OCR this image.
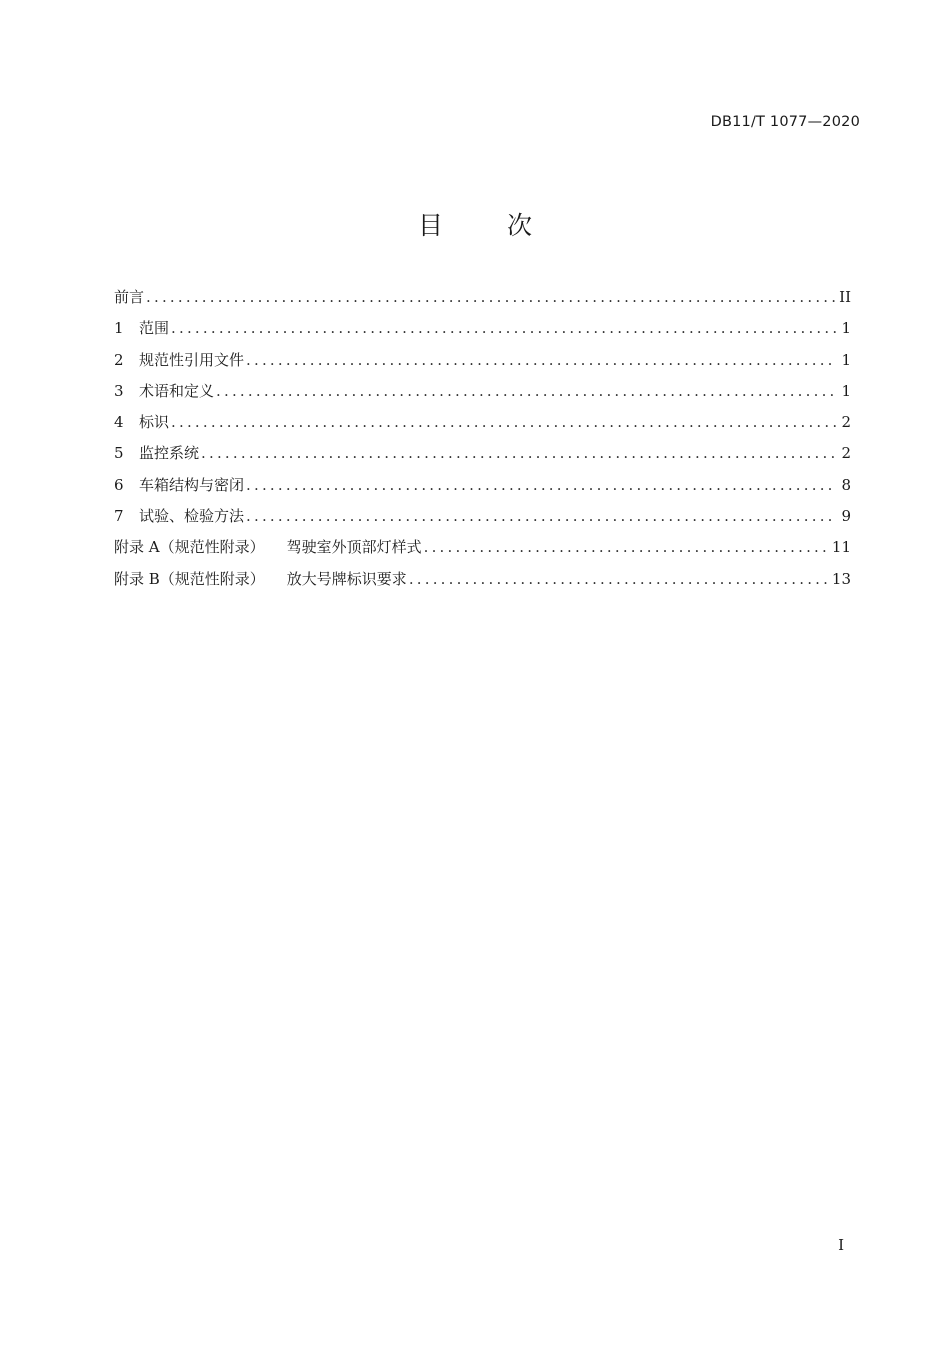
DB11/T 1077—2020
目 次
前言 .....	II
1	范围 .....	1
2	规范性引用文件 .....	1
3	术语和定义 .....	1
4	标识 .....	2
5	监控系统 .....	2
6	车箱结构与密闭 .....	8
7	试验、检验方法 .....	9
附录 A（规范性附录） 驾驶室外顶部灯样式 .....	11
附录 B（规范性附录） 放大号牌标识要求 .....	13
I
